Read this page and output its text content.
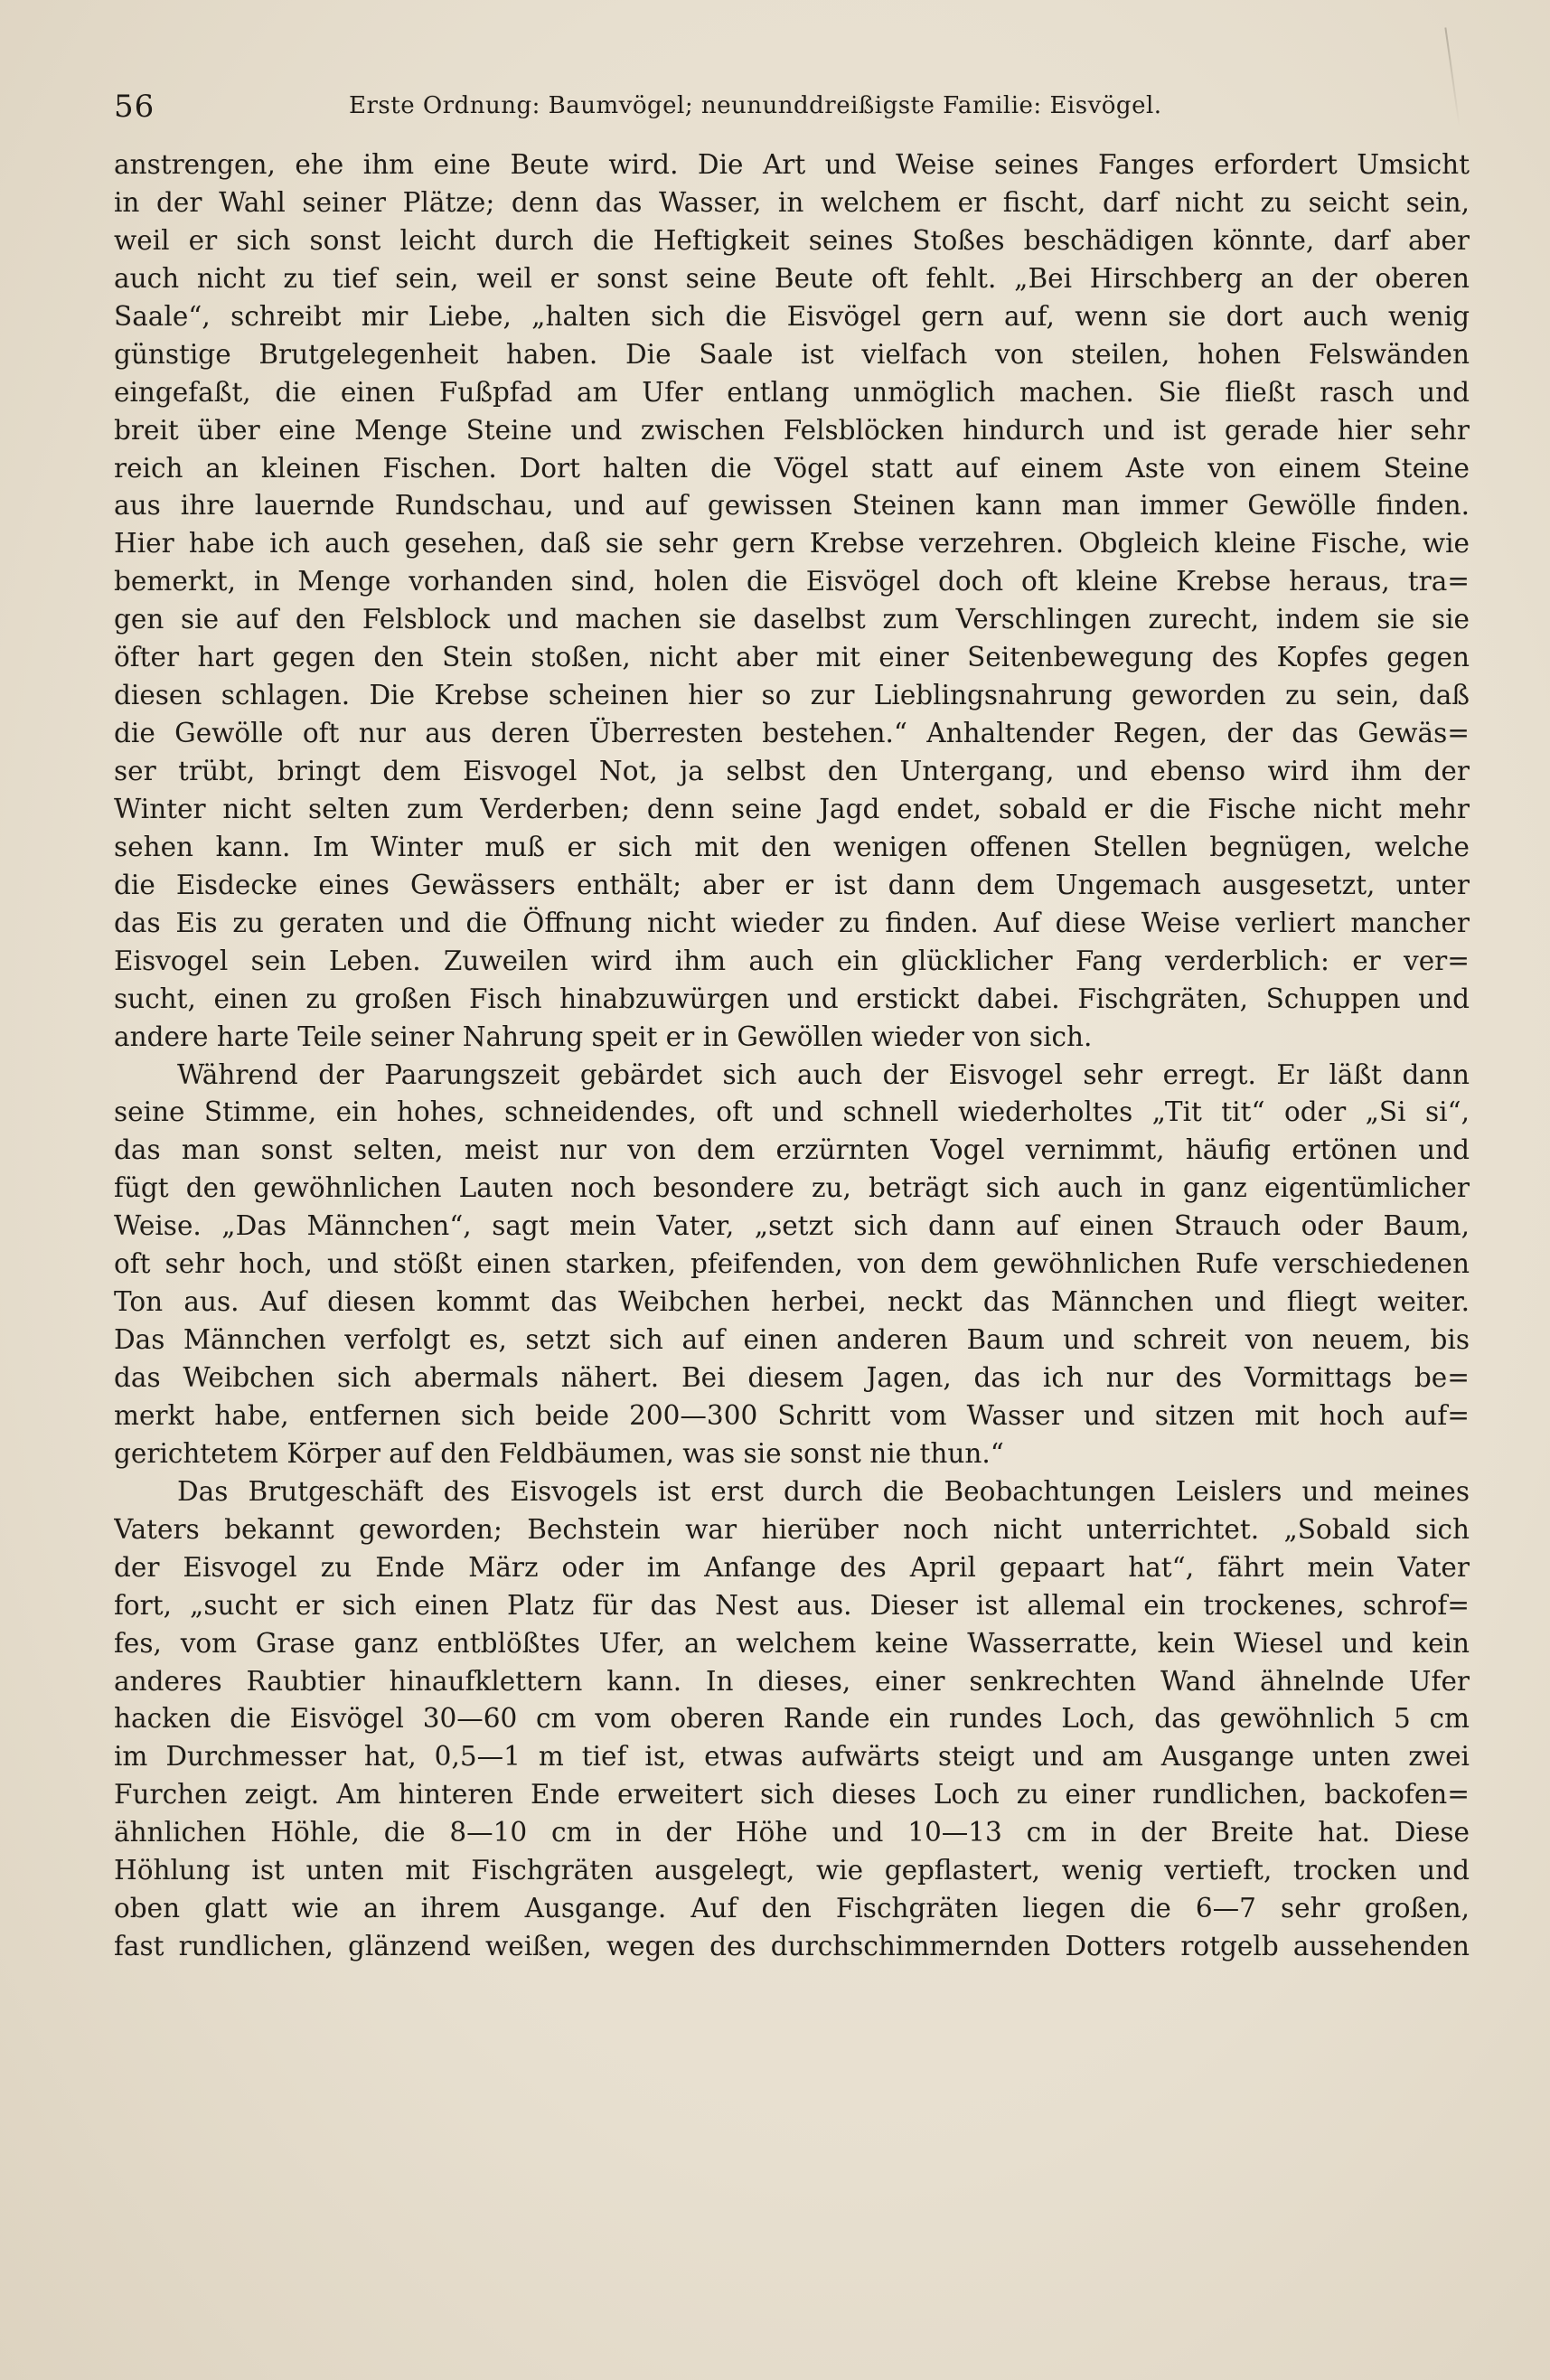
56	Erste Ordnung: Baumvögel; neununddreißigste Familie: Eisvögel.
anstrengen, ehe ihm eine Beute wird. Die Art und Weise seines Fanges erfordert Umsicht
in der Wahl seiner Plätze; denn das Wasser, in welchem er fischt, darf nicht zu seicht sein,
weil er sich sonst leicht durch die Heftigkeit seines Stoßes beschädigen könnte, darf aber
auch nicht zu tief sein, weil er sonst seine Beute oft fehlt. „Bei Hirschberg an der oberen
Saale“, schreibt mir Liebe, „halten sich die Eisvögel gern auf, wenn sie dort auch wenig
günstige Brutgelegenheit haben. Die Saale ist vielfach von steilen, hohen Felswänden
eingefaßt, die einen Fußpfad am Ufer entlang unmöglich machen. Sie fließt rasch und
breit über eine Menge Steine und zwischen Felsblöcken hindurch und ist gerade hier sehr
reich an kleinen Fischen. Dort halten die Vögel statt auf einem Aste von einem Steine
aus ihre lauernde Rundschau, und auf gewissen Steinen kann man immer Gewölle finden.
Hier habe ich auch gesehen, daß sie sehr gern Krebse verzehren. Obgleich kleine Fische, wie
bemerkt, in Menge vorhanden sind, holen die Eisvögel doch oft kleine Krebse heraus, tra=
gen sie auf den Felsblock und machen sie daselbst zum Verschlingen zurecht, indem sie sie
öfter hart gegen den Stein stoßen, nicht aber mit einer Seitenbewegung des Kopfes gegen
diesen schlagen. Die Krebse scheinen hier so zur Lieblingsnahrung geworden zu sein, daß
die Gewölle oft nur aus deren Überresten bestehen.“ Anhaltender Regen, der das Gewäs=
ser trübt, bringt dem Eisvogel Not, ja selbst den Untergang, und ebenso wird ihm der
Winter nicht selten zum Verderben; denn seine Jagd endet, sobald er die Fische nicht mehr
sehen kann. Im Winter muß er sich mit den wenigen offenen Stellen begnügen, welche
die Eisdecke eines Gewässers enthält; aber er ist dann dem Ungemach ausgesetzt, unter
das Eis zu geraten und die Öffnung nicht wieder zu finden. Auf diese Weise verliert mancher
Eisvogel sein Leben. Zuweilen wird ihm auch ein glücklicher Fang verderblich: er ver=
sucht, einen zu großen Fisch hinabzuwürgen und erstickt dabei. Fischgräten, Schuppen und
andere harte Teile seiner Nahrung speit er in Gewöllen wieder von sich.
Während der Paarungszeit gebärdet sich auch der Eisvogel sehr erregt. Er läßt dann
seine Stimme, ein hohes, schneidendes, oft und schnell wiederholtes „Tit tit“ oder „Si si“,
das man sonst selten, meist nur von dem erzürnten Vogel vernimmt, häufig ertönen und
fügt den gewöhnlichen Lauten noch besondere zu, beträgt sich auch in ganz eigentümlicher
Weise. „Das Männchen“, sagt mein Vater, „setzt sich dann auf einen Strauch oder Baum,
oft sehr hoch, und stößt einen starken, pfeifenden, von dem gewöhnlichen Rufe verschiedenen
Ton aus. Auf diesen kommt das Weibchen herbei, neckt das Männchen und fliegt weiter.
Das Männchen verfolgt es, setzt sich auf einen anderen Baum und schreit von neuem, bis
das Weibchen sich abermals nähert. Bei diesem Jagen, das ich nur des Vormittags be=
merkt habe, entfernen sich beide 200—300 Schritt vom Wasser und sitzen mit hoch auf=
gerichtetem Körper auf den Feldbäumen, was sie sonst nie thun.“
Das Brutgeschäft des Eisvogels ist erst durch die Beobachtungen Leislers und meines
Vaters bekannt geworden; Bechstein war hierüber noch nicht unterrichtet. „Sobald sich
der Eisvogel zu Ende März oder im Anfange des April gepaart hat“, fährt mein Vater
fort, „sucht er sich einen Platz für das Nest aus. Dieser ist allemal ein trockenes, schrof=
fes, vom Grase ganz entblößtes Ufer, an welchem keine Wasserratte, kein Wiesel und kein
anderes Raubtier hinaufklettern kann. In dieses, einer senkrechten Wand ähnelnde Ufer
hacken die Eisvögel 30—60 cm vom oberen Rande ein rundes Loch, das gewöhnlich 5 cm
im Durchmesser hat, 0,5—1 m tief ist, etwas aufwärts steigt und am Ausgange unten zwei
Furchen zeigt. Am hinteren Ende erweitert sich dieses Loch zu einer rundlichen, backofen=
ähnlichen Höhle, die 8—10 cm in der Höhe und 10—13 cm in der Breite hat. Diese
Höhlung ist unten mit Fischgräten ausgelegt, wie gepflastert, wenig vertieft, trocken und
oben glatt wie an ihrem Ausgange. Auf den Fischgräten liegen die 6—7 sehr großen,
fast rundlichen, glänzend weißen, wegen des durchschimmernden Dotters rotgelb aussehenden
